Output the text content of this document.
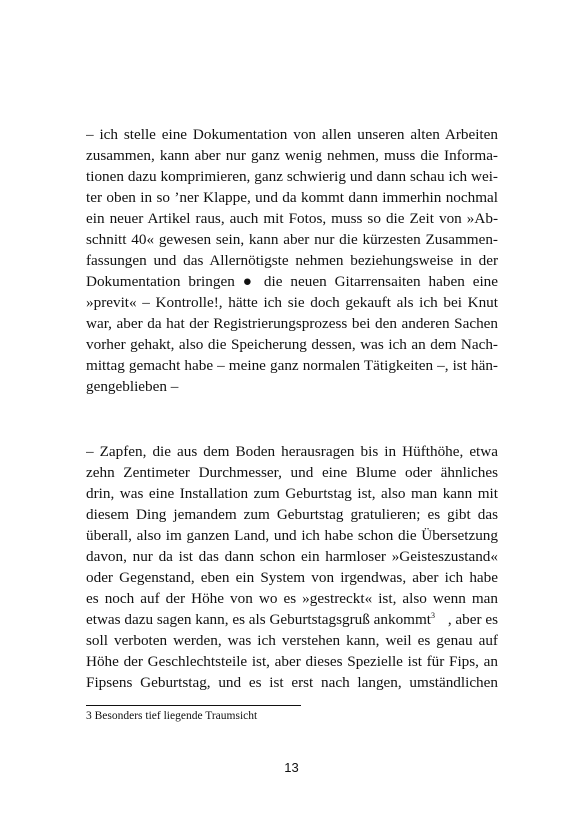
– ich stelle eine Dokumentation von allen unseren alten Arbeiten
zusammen, kann aber nur ganz wenig nehmen, muss die Informa-
tionen dazu komprimieren, ganz schwierig und dann schau ich wei-
ter oben in so ’ner Klappe, und da kommt dann immerhin nochmal
ein neuer Artikel raus, auch mit Fotos, muss so die Zeit von »Ab-
schnitt 40« gewesen sein, kann aber nur die kürzesten Zusammen-
fassungen und das Allernötigste nehmen beziehungsweise in der
Dokumentation bringen ● die neuen Gitarrensaiten haben eine
»previt« – Kontrolle!, hätte ich sie doch gekauft als ich bei Knut
war, aber da hat der Registrierungsprozess bei den anderen Sachen
vorher gehakt, also die Speicherung dessen, was ich an dem Nach-
mittag gemacht habe – meine ganz normalen Tätigkeiten –, ist hän-
gengeblieben –
– Zapfen, die aus dem Boden herausragen bis in Hüfthöhe, etwa
zehn Zentimeter Durchmesser, und eine Blume oder ähnliches
drin, was eine Installation zum Geburtstag ist, also man kann mit
diesem Ding jemandem zum Geburtstag gratulieren; es gibt das
überall, also im ganzen Land, und ich habe schon die Übersetzung
davon, nur da ist das dann schon ein harmloser »Geisteszustand«
oder Gegenstand, eben ein System von irgendwas, aber ich habe
es noch auf der Höhe von wo es »gestreckt« ist, also wenn man
etwas dazu sagen kann, es als Geburtstagsgruß ankommt$^3$ , aber es
soll verboten werden, was ich verstehen kann, weil es genau auf
Höhe der Geschlechtsteile ist, aber dieses Spezielle ist für Fips, an
Fipsens Geburtstag, und es ist erst nach langen, umständlichen

3 Besonders tief liegende Traumsicht

13
